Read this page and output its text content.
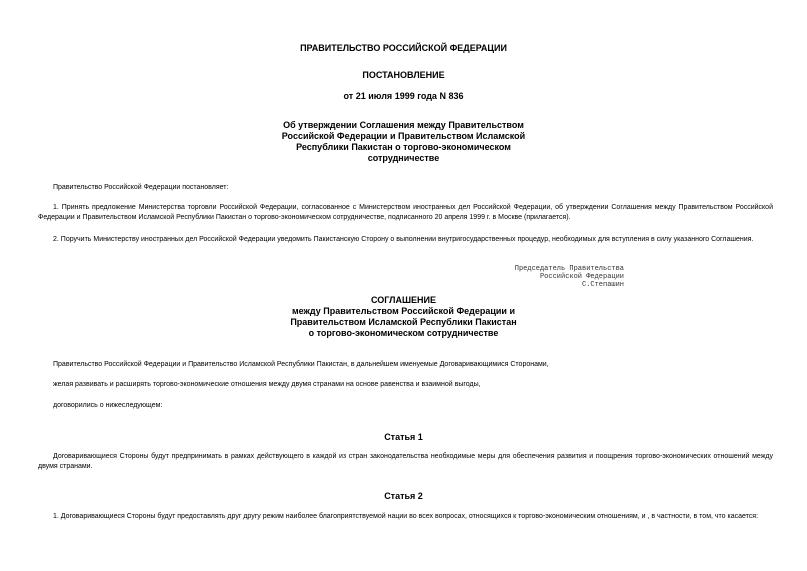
ПРАВИТЕЛЬСТВО РОССИЙСКОЙ ФЕДЕРАЦИИ
ПОСТАНОВЛЕНИЕ
от 21 июля 1999 года N 836
Об утверждении Соглашения между Правительством
Российской Федерации и Правительством Исламской
Республики Пакистан о торгово-экономическом
сотрудничестве
Правительство Российской Федерации постановляет:
1. Принять предложение Министерства торговли Российской Федерации, согласованное с Министерством иностранных дел Российской Федерации, об утверждении Соглашения между Правительством Российской Федерации и Правительством Исламской Республики Пакистан о торгово-экономическом сотрудничестве, подписанного 20 апреля 1999 г. в Москве (прилагается).
2. Поручить Министерству иностранных дел Российской Федерации уведомить Пакистанскую Сторону о выполнении внутригосударственных процедур, необходимых для вступления в силу указанного Соглашения.
Председатель Правительства
Российской Федерации
С.Степашин
СОГЛАШЕНИЕ
между Правительством Российской Федерации и
Правительством Исламской Республики Пакистан
о торгово-экономическом сотрудничестве
Правительство Российской Федерации и Правительство Исламской Республики Пакистан, в дальнейшем именуемые Договаривающимися Сторонами,
желая развивать и расширять торгово-экономические отношения между двумя странами на основе равенства и взаимной выгоды,
договорились о нижеследующем:
Статья 1
Договаривающиеся Стороны будут предпринимать в рамках действующего в каждой из стран законодательства необходимые меры для обеспечения развития и поощрения торгово-экономических отношений между двумя странами.
Статья 2
1. Договаривающиеся Стороны будут предоставлять друг другу режим наиболее благоприятствуемой нации во всех вопросах, относящихся к торгово-экономическим отношениям, и , в частности, в том, что касается:
